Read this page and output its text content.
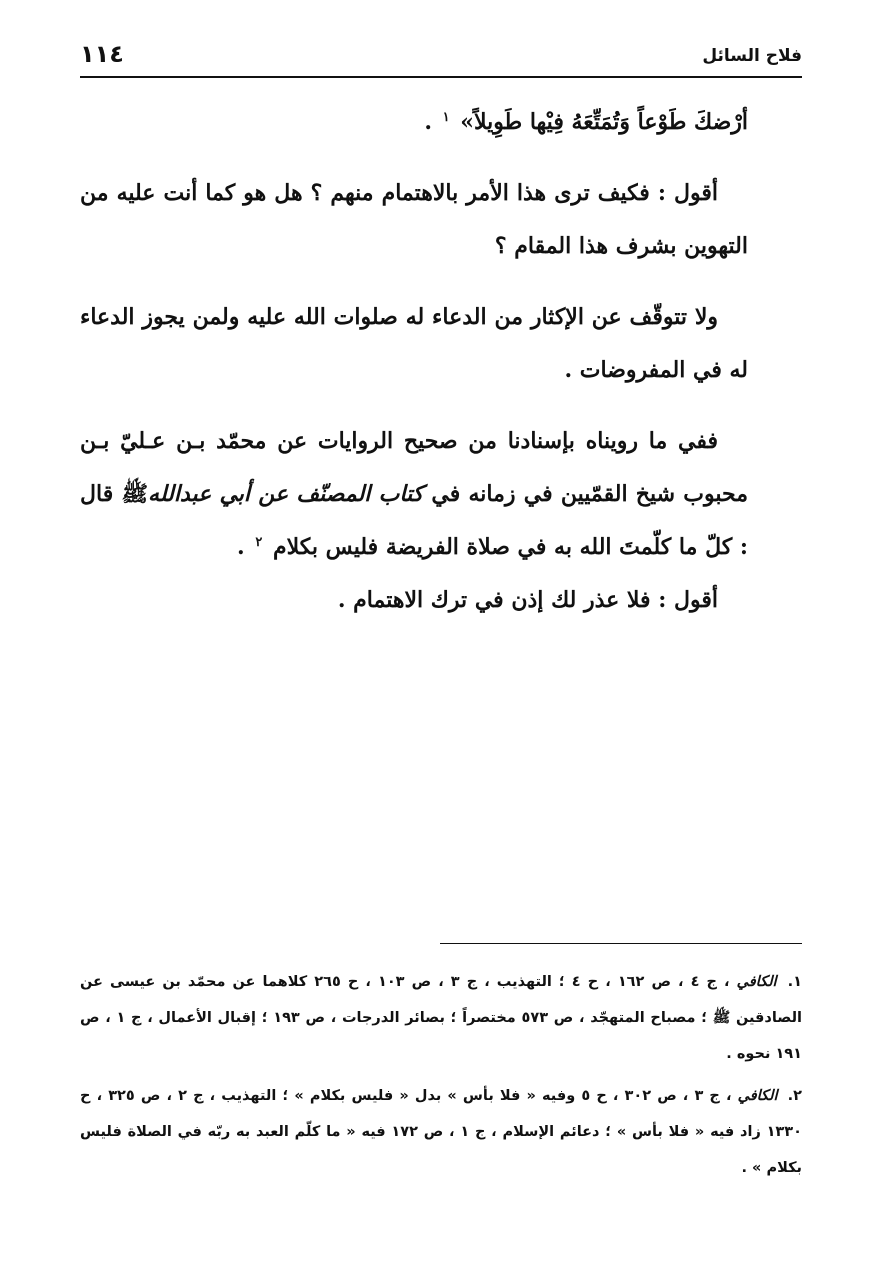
١١٤	فلاح السائل

أرْضكَ طَوْعاً وَتُمَتِّعَهُ فِيْها طَوِيلاً» $^١$ .

أقول : فكيف ترى هذا الأمر بالاهتمام منهم ؟ هل هو كما أنت عليه من التهوين بشرف هذا المقام ؟

ولا تتوقّف عن الإكثار من الدعاء له صلوات الله عليه ولمن يجوز الدعاء له في المفروضات .

ففي ما رويناه بإسنادنا من صحيح الروايات عن محمّد بـن عـليّ بـن محبوب شيخ القمّيين في زمانه في كتاب المصنّف عن أبي عبداللهﷺ قال : كلّ ما كلّمتَ الله به في صلاة الفريضة فليس بكلام $^٢$ .

أقول : فلا عذر لك إذن في ترك الاهتمام .

١. الكافي ، ج ٤ ، ص ١٦٢ ، ح ٤ ؛ التهذيب ، ج ٣ ، ص ١٠٣ ، ح ٢٦٥ كلاهما عن محمّد بن عيسى عن الصادقين ﷺ ؛ مصباح المتهجّد ، ص ٥٧٣ مختصراً ؛ بصائر الدرجات ، ص ١٩٣ ؛ إقبال الأعمال ، ج ١ ، ص ١٩١ نحوه .

٢. الكافي ، ج ٣ ، ص ٣٠٢ ، ح ٥ وفيه « فلا بأس » بدل « فليس بكلام » ؛ التهذيب ، ج ٢ ، ص ٣٢٥ ، ح ١٣٣٠ زاد فيه « فلا بأس » ؛ دعائم الإسلام ، ج ١ ، ص ١٧٢ فيه « ما كلّم العبد به ربّه في الصلاة فليس بكلام » .
